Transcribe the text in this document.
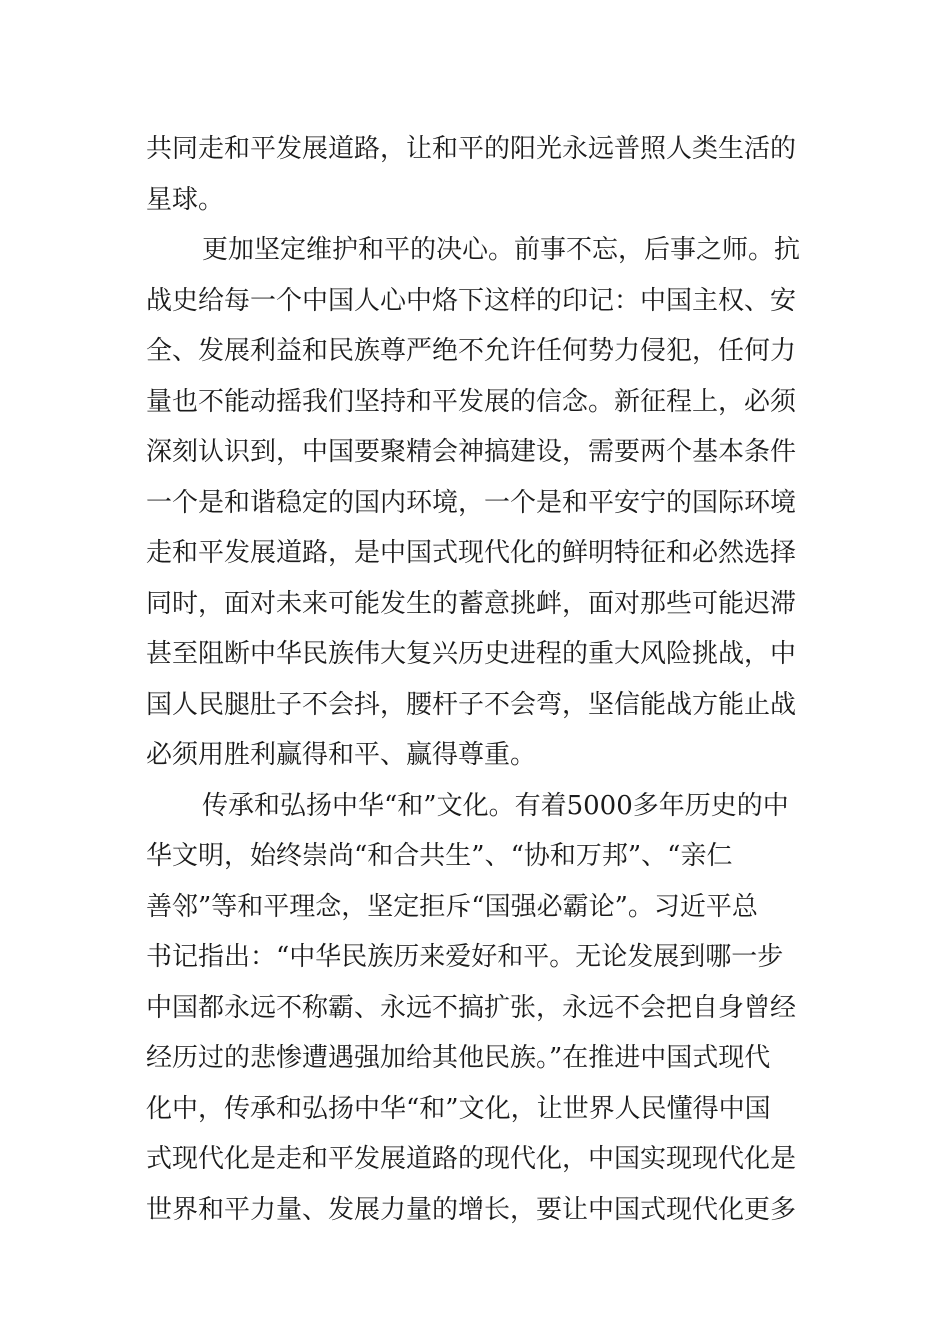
共同走和平发展道路，让和平的阳光永远普照人类生活的
星球。
更加坚定维护和平的决心。前事不忘，后事之师。抗
战史给每一个中国人心中烙下这样的印记：中国主权、安
全、发展利益和民族尊严绝不允许任何势力侵犯，任何力
量也不能动摇我们坚持和平发展的信念。新征程上，必须
深刻认识到，中国要聚精会神搞建设，需要两个基本条件
一个是和谐稳定的国内环境，一个是和平安宁的国际环境
走和平发展道路，是中国式现代化的鲜明特征和必然选择
同时，面对未来可能发生的蓄意挑衅，面对那些可能迟滞
甚至阻断中华民族伟大复兴历史进程的重大风险挑战，中
国人民腿肚子不会抖，腰杆子不会弯，坚信能战方能止战
必须用胜利赢得和平、赢得尊重。
传承和弘扬中华“和”文化。有着5000多年历史的中
华文明，始终崇尚“和合共生”、“协和万邦”、“亲仁
善邻”等和平理念，坚定拒斥“国强必霸论”。习近平总
书记指出：“中华民族历来爱好和平。无论发展到哪一步
中国都永远不称霸、永远不搞扩张，永远不会把自身曾经
经历过的悲惨遭遇强加给其他民族。”在推进中国式现代
化中，传承和弘扬中华“和”文化，让世界人民懂得中国
式现代化是走和平发展道路的现代化，中国实现现代化是
世界和平力量、发展力量的增长，要让中国式现代化更多
